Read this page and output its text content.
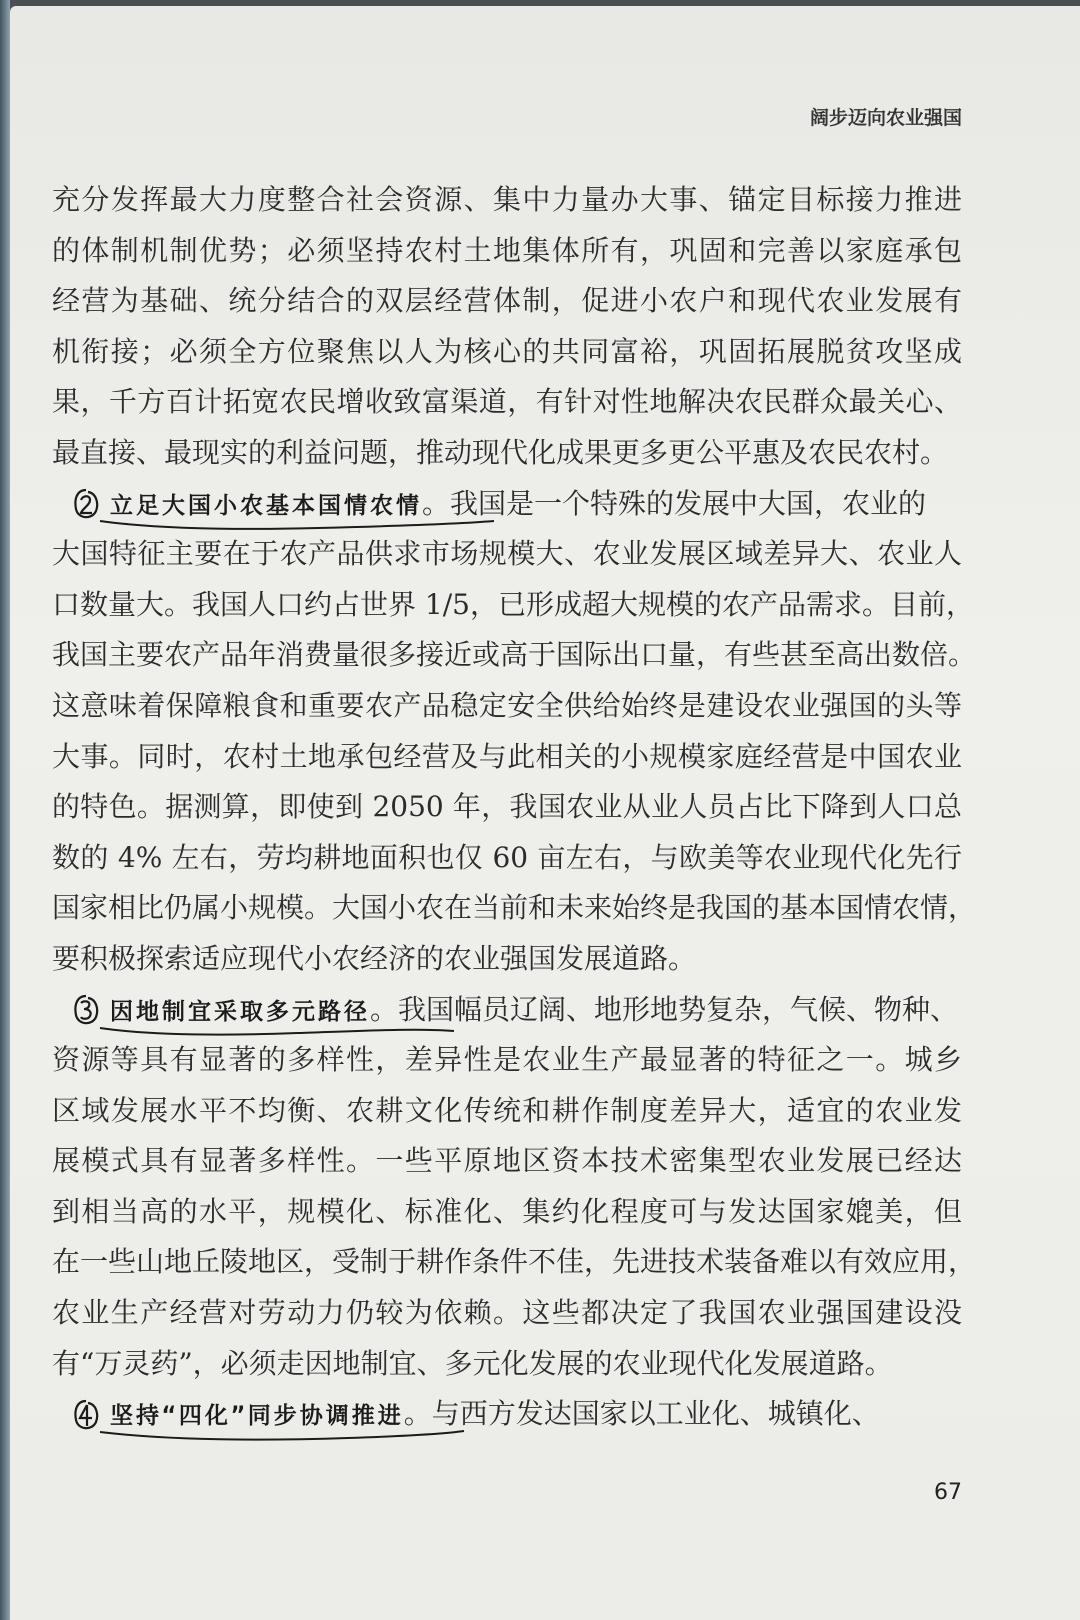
阔步迈向农业强国
充分发挥最大力度整合社会资源、集中力量办大事、锚定目标接力推进
的体制机制优势；必须坚持农村土地集体所有，巩固和完善以家庭承包
经营为基础、统分结合的双层经营体制，促进小农户和现代农业发展有
机衔接；必须全方位聚焦以人为核心的共同富裕，巩固拓展脱贫攻坚成
果，千方百计拓宽农民增收致富渠道，有针对性地解决农民群众最关心、
最直接、最现实的利益问题，推动现代化成果更多更公平惠及农民农村。
立足大国小农基本国情农情。我国是一个特殊的发展中大国，农业的
大国特征主要在于农产品供求市场规模大、农业发展区域差异大、农业人
口数量大。我国人口约占世界 1/5，已形成超大规模的农产品需求。目前，
我国主要农产品年消费量很多接近或高于国际出口量，有些甚至高出数倍。
这意味着保障粮食和重要农产品稳定安全供给始终是建设农业强国的头等
大事。同时，农村土地承包经营及与此相关的小规模家庭经营是中国农业
的特色。据测算，即使到 2050 年，我国农业从业人员占比下降到人口总
数的 4% 左右，劳均耕地面积也仅 60 亩左右，与欧美等农业现代化先行
国家相比仍属小规模。大国小农在当前和未来始终是我国的基本国情农情，
要积极探索适应现代小农经济的农业强国发展道路。
因地制宜采取多元路径。我国幅员辽阔、地形地势复杂，气候、物种、
资源等具有显著的多样性，差异性是农业生产最显著的特征之一。城乡
区域发展水平不均衡、农耕文化传统和耕作制度差异大，适宜的农业发
展模式具有显著多样性。一些平原地区资本技术密集型农业发展已经达
到相当高的水平，规模化、标准化、集约化程度可与发达国家媲美，但
在一些山地丘陵地区，受制于耕作条件不佳，先进技术装备难以有效应用，
农业生产经营对劳动力仍较为依赖。这些都决定了我国农业强国建设没
有“万灵药”，必须走因地制宜、多元化发展的农业现代化发展道路。
坚持“四化”同步协调推进。与西方发达国家以工业化、城镇化、
67
